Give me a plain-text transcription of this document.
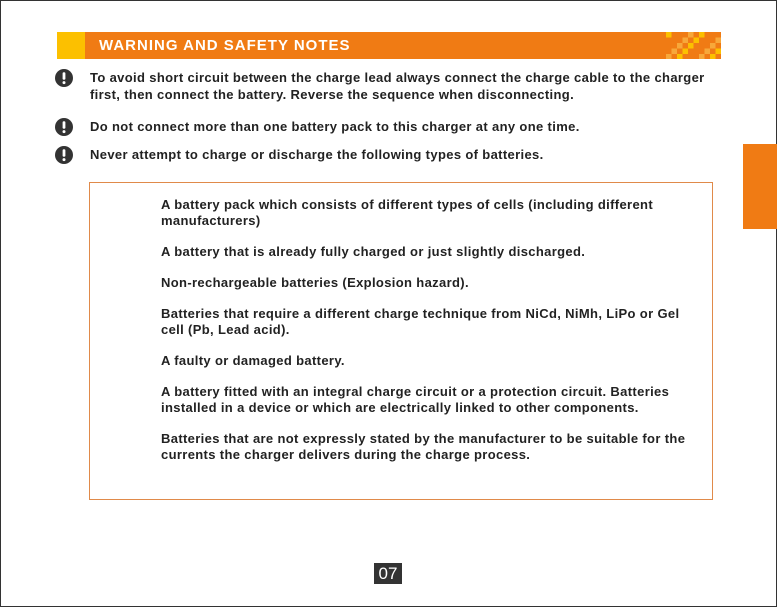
WARNING AND SAFETY NOTES
To avoid short circuit between the charge lead always connect the charge cable to the charger first, then connect the battery. Reverse the sequence when disconnecting.
Do not connect more than one battery pack to this charger at any one time.
Never attempt to charge or discharge the following types of batteries.
A battery pack which consists of different types of cells (including different manufacturers)
A battery that is already fully charged or just slightly discharged.
Non-rechargeable batteries (Explosion hazard).
Batteries that require a different charge technique from NiCd, NiMh, LiPo or Gel cell (Pb, Lead acid).
A faulty or damaged battery.
A battery fitted with an integral charge circuit or a protection circuit. Batteries installed in a device or which are electrically linked to other components.
Batteries that are not expressly stated by the manufacturer to be suitable for the currents the charger delivers during the charge process.
07
